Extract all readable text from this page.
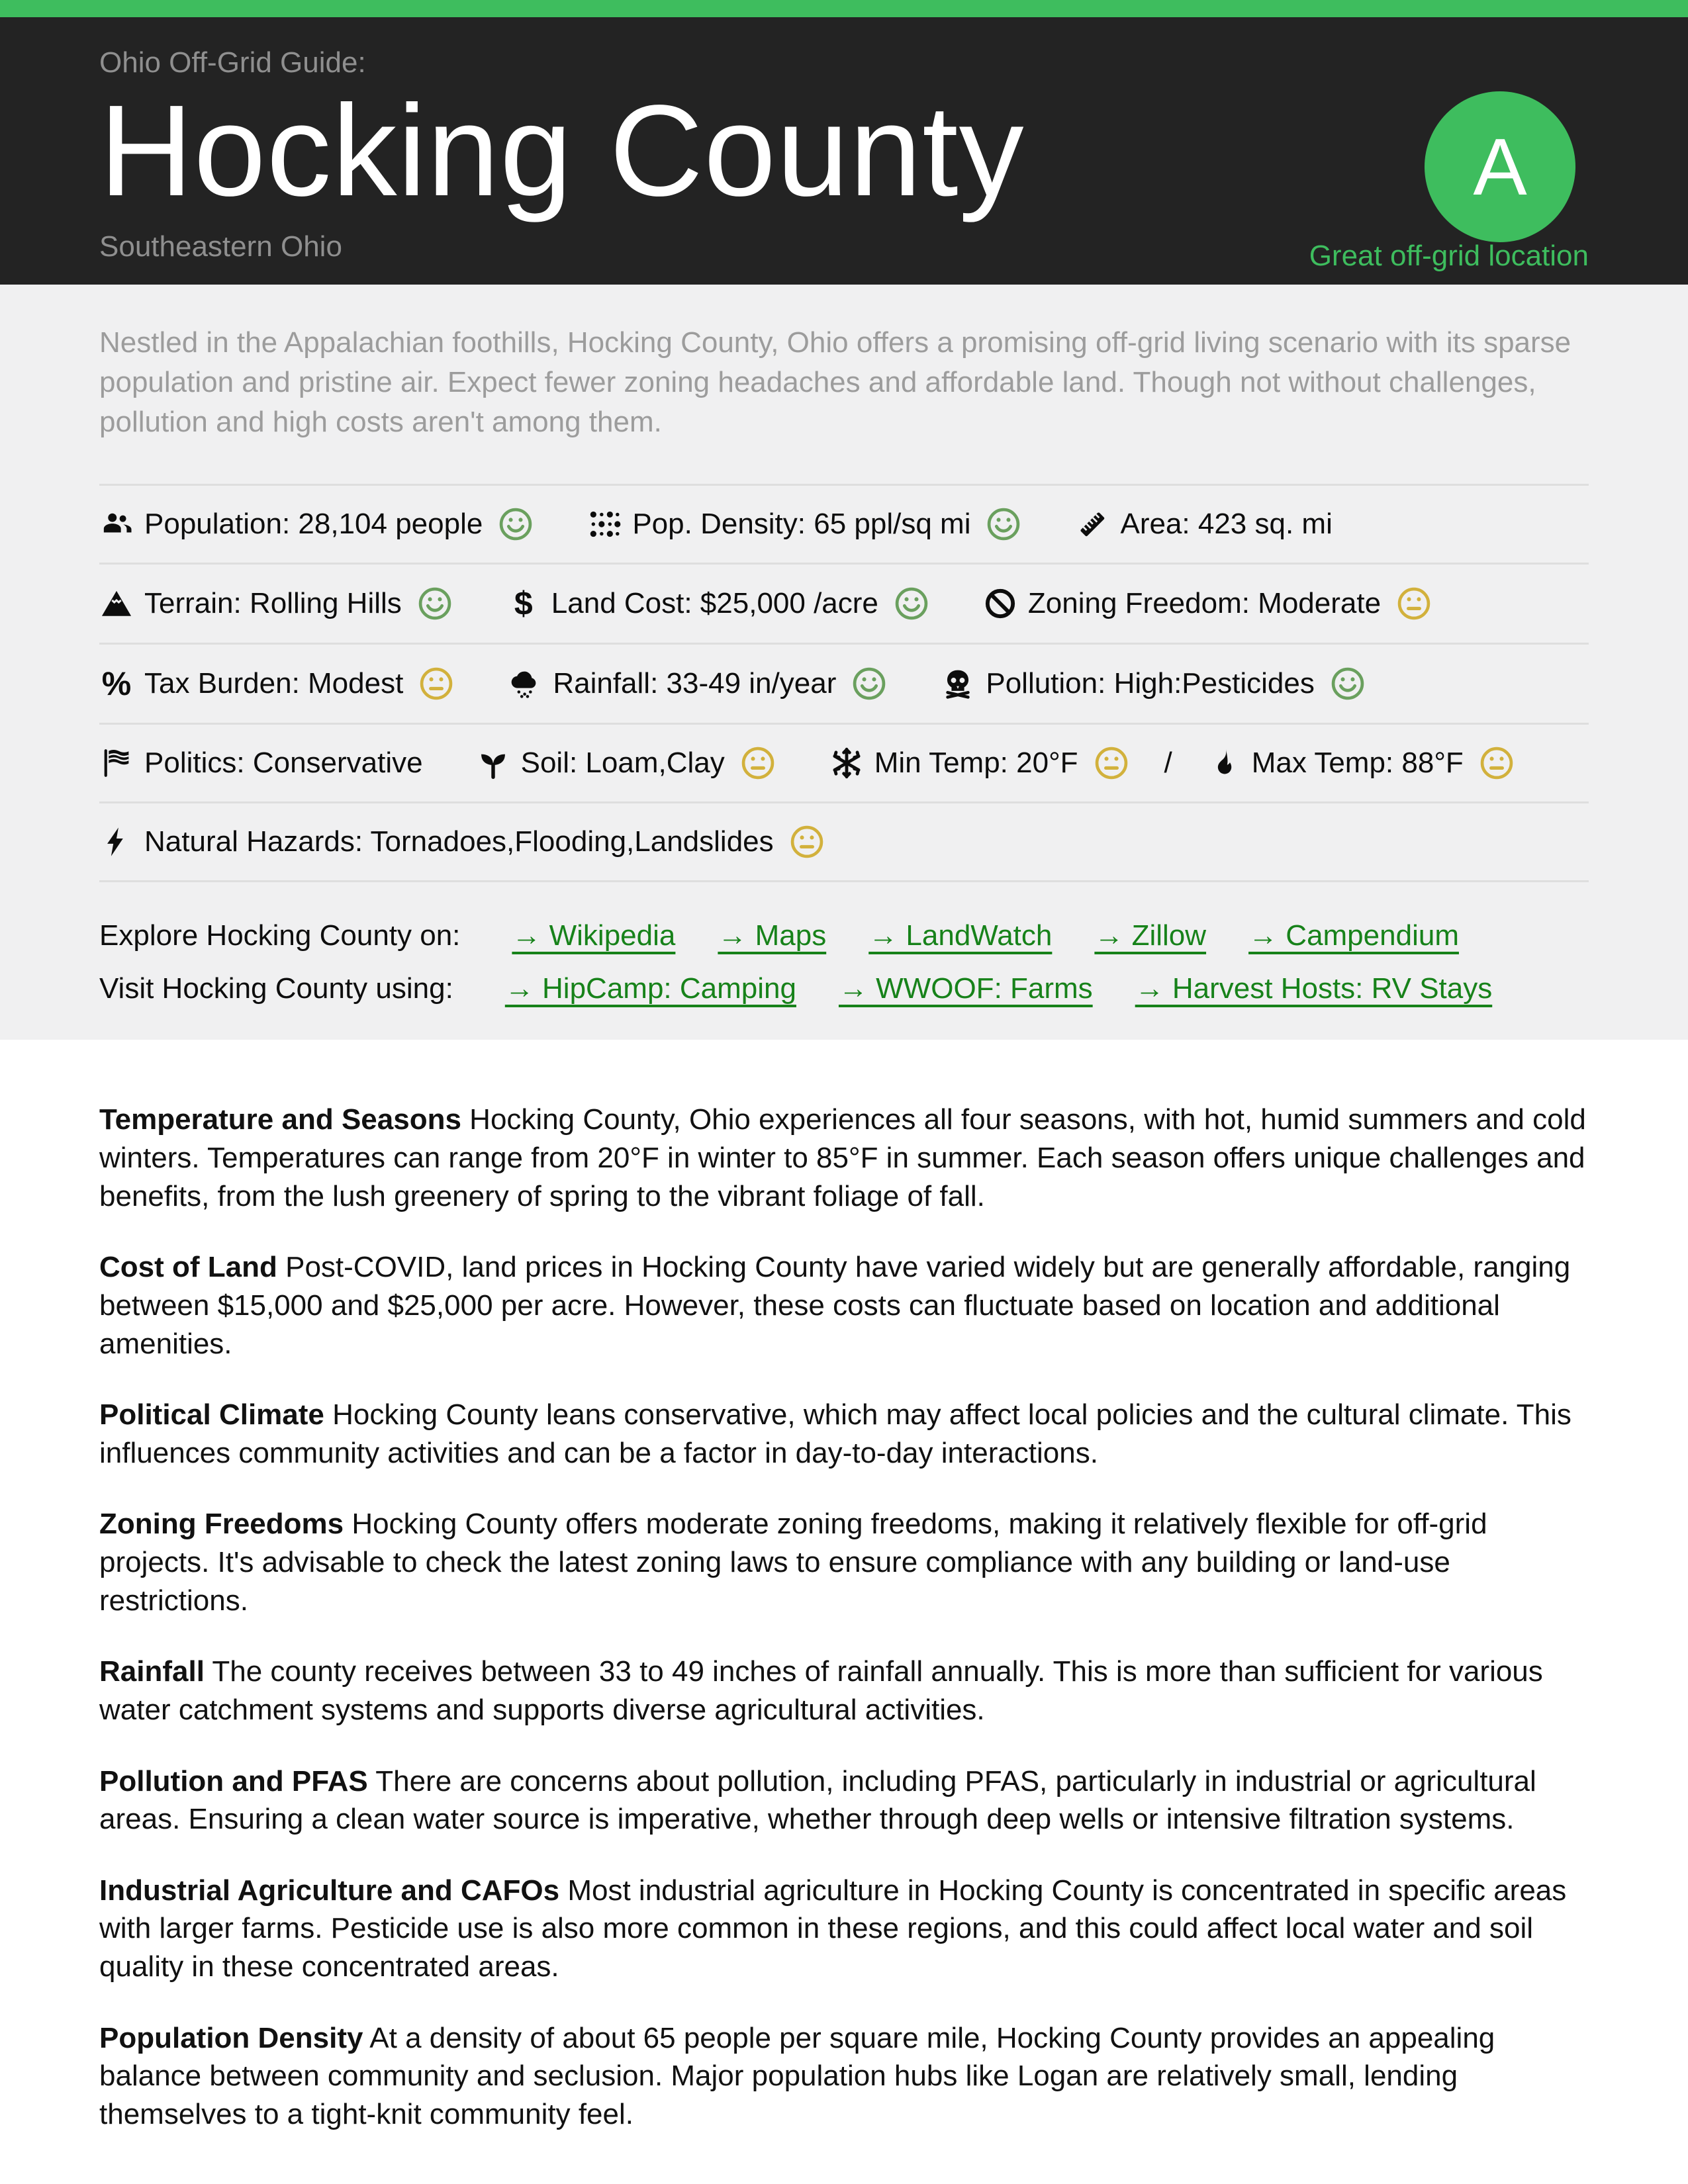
Ohio Off-Grid Guide:
Hocking County
Southeastern Ohio
A
Great off-grid location
Nestled in the Appalachian foothills, Hocking County, Ohio offers a promising off-grid living scenario with its sparse population and pristine air. Expect fewer zoning headaches and affordable land. Though not without challenges, pollution and high costs aren't among them.
Population: 28,104 people	Pop. Density: 65 ppl/sq mi	Area: 423 sq. mi
Terrain: Rolling Hills	$ Land Cost: $25,000 /acre	Zoning Freedom: Moderate
% Tax Burden: Modest	Rainfall: 33-49 in/year	Pollution: High:Pesticides
Politics: Conservative	Soil: Loam,Clay	Min Temp: 20°F	/	Max Temp: 88°F
Natural Hazards: Tornadoes,Flooding,Landslides
Explore Hocking County on: → Wikipedia → Maps → LandWatch → Zillow → Campendium
Visit Hocking County using: → HipCamp: Camping → WWOOF: Farms → Harvest Hosts: RV Stays

Temperature and Seasons Hocking County, Ohio experiences all four seasons, with hot, humid summers and cold winters. Temperatures can range from 20°F in winter to 85°F in summer. Each season offers unique challenges and benefits, from the lush greenery of spring to the vibrant foliage of fall.

Cost of Land Post-COVID, land prices in Hocking County have varied widely but are generally affordable, ranging between $15,000 and $25,000 per acre. However, these costs can fluctuate based on location and additional amenities.

Political Climate Hocking County leans conservative, which may affect local policies and the cultural climate. This influences community activities and can be a factor in day-to-day interactions.

Zoning Freedoms Hocking County offers moderate zoning freedoms, making it relatively flexible for off-grid projects. It's advisable to check the latest zoning laws to ensure compliance with any building or land-use restrictions.

Rainfall The county receives between 33 to 49 inches of rainfall annually. This is more than sufficient for various water catchment systems and supports diverse agricultural activities.

Pollution and PFAS There are concerns about pollution, including PFAS, particularly in industrial or agricultural areas. Ensuring a clean water source is imperative, whether through deep wells or intensive filtration systems.

Industrial Agriculture and CAFOs Most industrial agriculture in Hocking County is concentrated in specific areas with larger farms. Pesticide use is also more common in these regions, and this could affect local water and soil quality in these concentrated areas.

Population Density At a density of about 65 people per square mile, Hocking County provides an appealing balance between community and seclusion. Major population hubs like Logan are relatively small, lending themselves to a tight-knit community feel.
